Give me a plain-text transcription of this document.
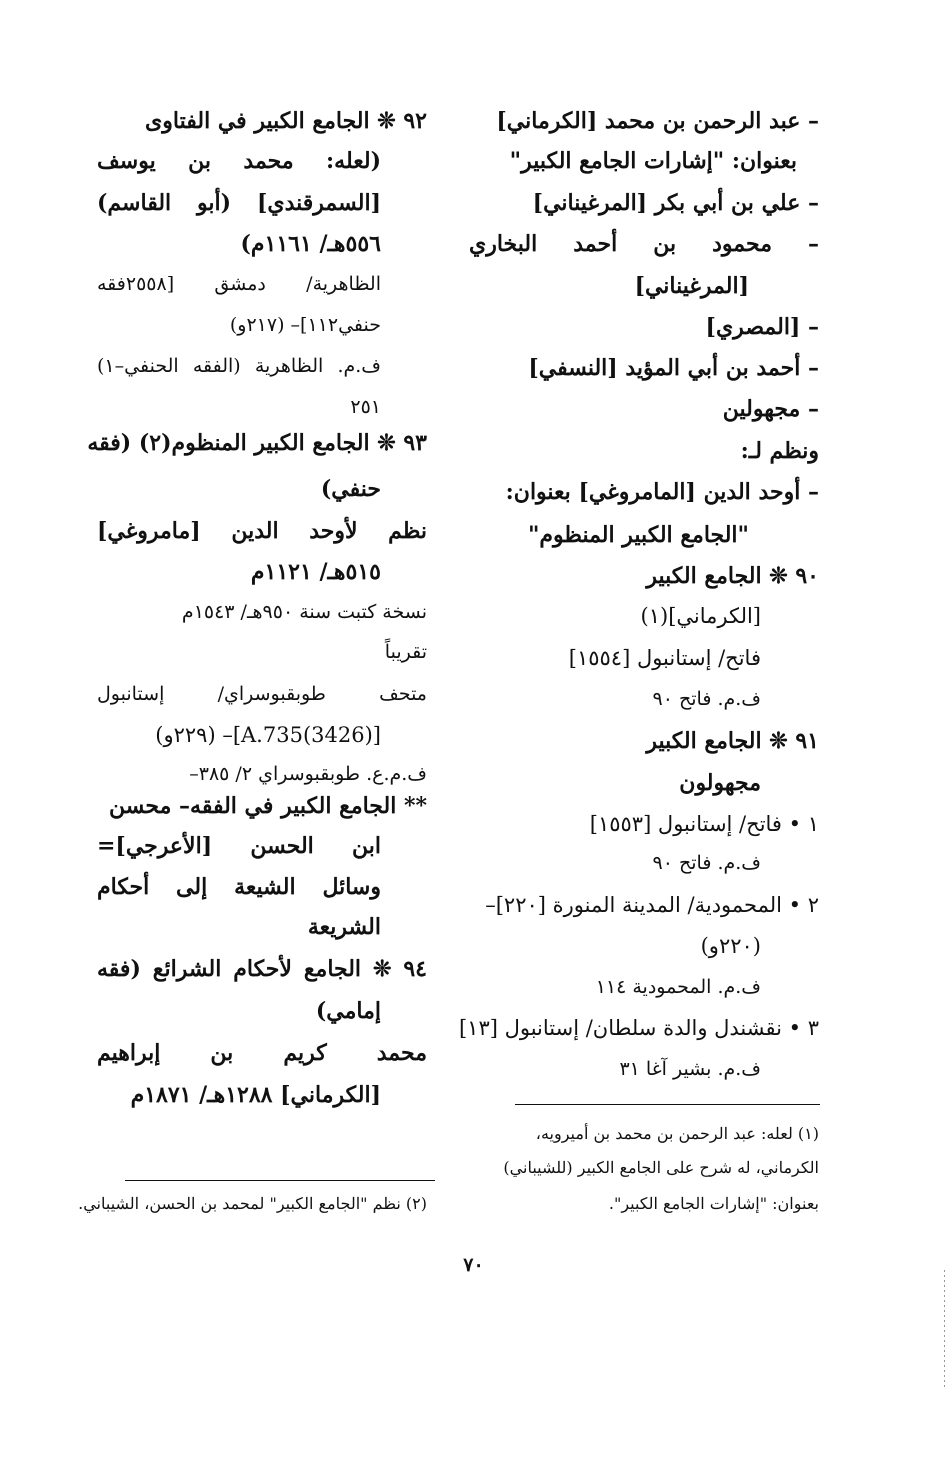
– عبد الرحمن بن محمد [الكرماني]
بعنوان: "إشارات الجامع الكبير"
– علي بن أبي بكر [المرغيناني]
– محمود بن أحمد البخاري
[المرغيناني]
– [المصري]
– أحمد بن أبي المؤيد [النسفي]
– مجهولين
ونظم لـ:
– أوحد الدين [المامروغي] بعنوان:
"الجامع الكبير المنظوم"
٩٠ ❊ الجامع الكبير
[الكرماني](١)
فاتح/ إستانبول [١٥٥٤]
ف.م. فاتح ٩٠
٩١ ❊ الجامع الكبير
مجهولون
١ • فاتح/ إستانبول [١٥٥٣]
ف.م. فاتح ٩٠
٢ • المحمودية/ المدينة المنورة [٢٢٠]–
(٢٢٠و)
ف.م. المحمودية ١١٤
٣ • نقشندل والدة سلطان/ إستانبول [١٣]
ف.م. بشير آغا ٣١
٩٢ ❊ الجامع الكبير في الفتاوى
(لعله: محمد بن يوسف
[السمرقندي] (أبو القاسم)
٥٥٦هـ/ ١١٦١م)
الظاهرية/ دمشق [٢٥٥٨فقه
حنفي١١٢]– (٢١٧و)
ف.م. الظاهرية (الفقه الحنفي–١)
٢٥١
٩٣ ❊ الجامع الكبير المنظوم(٢) (فقه
حنفي)
نظم لأوحد الدين [مامروغي]
٥١٥هـ/ ١١٢١م
نسخة كتبت سنة ٩٥٠هـ/ ١٥٤٣م
تقريباً
متحف طوبقبوسراي/ إستانبول
[(3426)A.735]– (٢٢٩و)
ف.م.ع. طوبقبوسراي ٢/ ٣٨٥–
** الجامع الكبير في الفقه– محسن
ابن الحسن [الأعرجي]=
وسائل الشيعة إلى أحكام
الشريعة
٩٤ ❊ الجامع لأحكام الشرائع (فقه
إمامي)
محمد كريم بن إبراهيم
[الكرماني] ١٢٨٨هـ/ ١٨٧١م
(١) لعله: عبد الرحمن بن محمد بن أميرويه،
الكرماني، له شرح على الجامع الكبير (للشيباني)
بعنوان: "إشارات الجامع الكبير".
(٢) نظم "الجامع الكبير" لمحمد بن الحسن، الشيباني.
٧٠
